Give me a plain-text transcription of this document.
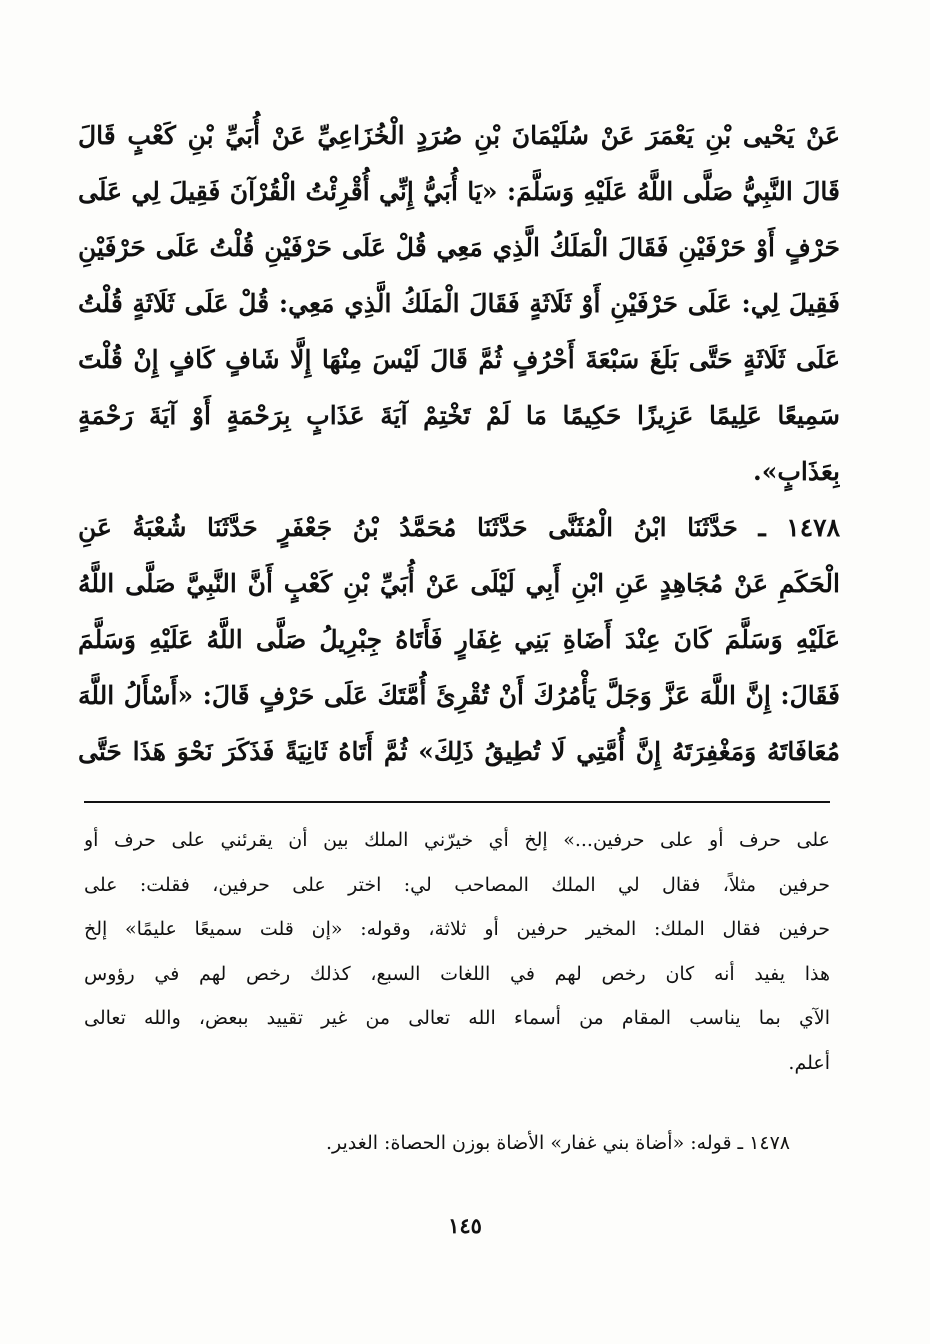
عَنْ يَحْيى بْنِ يَعْمَرَ عَنْ سُلَيْمَانَ بْنِ صُرَدٍ الْخُزَاعِيِّ عَنْ أُبَيِّ بْنِ كَعْبٍ قَالَ
قَالَ النَّبِيُّ صَلَّى اللَّهُ عَلَيْهِ وَسَلَّمَ: «يَا أُبَيُّ إِنِّي أُقْرِئْتُ الْقُرْآنَ فَقِيلَ لِي عَلَى
حَرْفٍ أَوْ حَرْفَيْنِ فَقَالَ الْمَلَكُ الَّذِي مَعِي قُلْ عَلَى حَرْفَيْنِ قُلْتُ عَلَى حَرْفَيْنِ
فَقِيلَ لِي: عَلَى حَرْفَيْنِ أَوْ ثَلَاثَةٍ فَقَالَ الْمَلَكُ الَّذِي مَعِي: قُلْ عَلَى ثَلَاثَةٍ قُلْتُ
عَلَى ثَلَاثَةٍ حَتَّى بَلَغَ سَبْعَةَ أَحْرُفٍ ثُمَّ قَالَ لَيْسَ مِنْهَا إِلَّا شَافٍ كَافٍ إِنْ قُلْتَ
سَمِيعًا عَلِيمًا عَزِيزًا حَكِيمًا مَا لَمْ تَخْتِمْ آيَةَ عَذَابٍ بِرَحْمَةٍ أَوْ آيَةَ رَحْمَةٍ
بِعَذَابٍ».
١٤٧٨ ـ حَدَّثَنَا ابْنُ الْمُثَنَّى حَدَّثَنَا مُحَمَّدُ بْنُ جَعْفَرٍ حَدَّثَنَا شُعْبَةُ عَنِ
الْحَكَمِ عَنْ مُجَاهِدٍ عَنِ ابْنِ أَبِي لَيْلَى عَنْ أُبَيِّ بْنِ كَعْبٍ أَنَّ النَّبِيَّ صَلَّى اللَّهُ
عَلَيْهِ وَسَلَّمَ كَانَ عِنْدَ أَضَاةِ بَنِي غِفَارٍ فَأَتَاهُ جِبْرِيلُ صَلَّى اللَّهُ عَلَيْهِ وَسَلَّمَ
فَقَالَ: إِنَّ اللَّهَ عَزَّ وَجَلَّ يَأْمُرُكَ أَنْ تُقْرِئَ أُمَّتَكَ عَلَى حَرْفٍ قَالَ: «أَسْأَلُ اللَّهَ
مُعَافَاتَهُ وَمَغْفِرَتَهُ إِنَّ أُمَّتِي لَا تُطِيقُ ذَلِكَ» ثُمَّ أَتَاهُ ثَانِيَةً فَذَكَرَ نَحْوَ هَذَا حَتَّى
على حرف أو على حرفين...» إلخ أي خيرّني الملك بين أن يقرئني على حرف أو
حرفين مثلاً، فقال لي الملك المصاحب لي: اختر على حرفين، فقلت: على
حرفين فقال الملك: المخير حرفين أو ثلاثة، وقوله: «إن قلت سميعًا عليمًا» إلخ
هذا يفيد أنه كان رخص لهم في اللغات السبع، كذلك رخص لهم في رؤوس
الآي بما يناسب المقام من أسماء الله تعالى من غير تقييد ببعض، والله تعالى
أعلم.
١٤٧٨ ـ قوله: «أضاة بني غفار» الأضاة بوزن الحصاة: الغدير.
١٤٥
